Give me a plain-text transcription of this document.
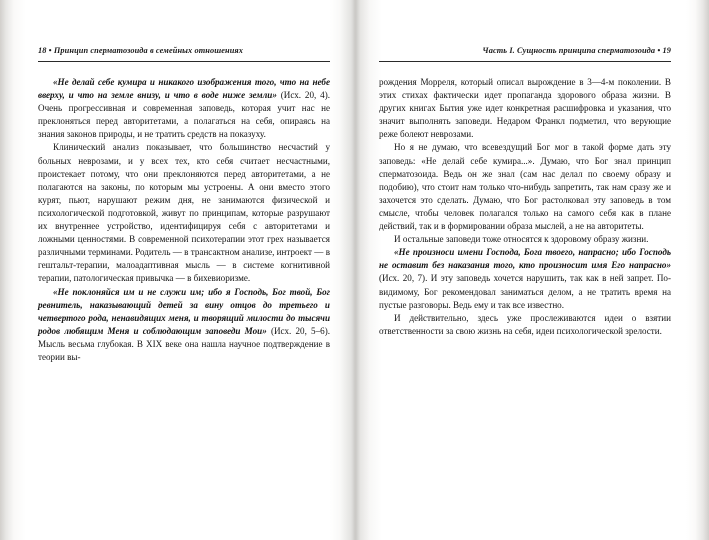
18 • Принцип сперматозоида в семейных отношениях

«Не делай себе кумира и никакого изображения того, что на небе вверху, и что на земле внизу, и что в воде ниже земли» (Исх. 20, 4). Очень прогрессивная и современная заповедь, которая учит нас не преклоняться перед авторитетами, а полагаться на себя, опираясь на знания законов природы, и не тратить средств на показуху.

Клинический анализ показывает, что большинство несчастий у больных неврозами, и у всех тех, кто себя считает несчастными, проистекает потому, что они преклоняются перед авторитетами, а не полагаются на законы, по которым мы устроены. А они вместо этого курят, пьют, нарушают режим дня, не занимаются физической и психологической подготовкой, живут по принципам, которые разрушают их внутреннее устройство, идентифицируя себя с авторитетами и ложными ценностями. В современной психотерапии этот грех называется различными терминами. Родитель — в трансактном анализе, интроект — в гештальт-терапии, малоадаптивная мысль — в системе когнитивной терапии, патологическая привычка — в бихевиоризме.

«Не поклоняйся им и не служи им; ибо я Господь, Бог твой, Бог ревнитель, наказывающий детей за вину отцов до третьего и четвертого рода, ненавидящих меня, и творящий милости до тысячи родов любящим Меня и соблюдающим заповеди Мои» (Исх. 20, 5–6). Мысль весьма глубокая. В XIX веке она нашла научное подтверждение в теории вы-

Часть I. Сущность принципа сперматозоида • 19

рождения Морреля, который описал вырождение в 3—4-м поколении. В этих стихах фактически идет пропаганда здорового образа жизни. В других книгах Бытия уже идет конкретная расшифровка и указания, что значит выполнять заповеди. Недаром Франкл подметил, что верующие реже болеют неврозами.

Но я не думаю, что всевездущий Бог мог в такой форме дать эту заповедь: «Не делай себе кумира...». Думаю, что Бог знал принцип сперматозоида. Ведь он же знал (сам нас делал по своему образу и подобию), что стоит нам только что-нибудь запретить, так нам сразу же и захочется это сделать. Думаю, что Бог растолковал эту заповедь в том смысле, чтобы человек полагался только на самого себя как в плане действий, так и в формировании образа мыслей, а не на авторитеты.

И остальные заповеди тоже относятся к здоровому образу жизни.

«Не произноси имени Господа, Бога твоего, напрасно; ибо Господь не оставит без наказания того, кто произносит имя Его напрасно» (Исх. 20, 7). И эту заповедь хочется нарушить, так как в ней запрет. По-видимому, Бог рекомендовал заниматься делом, а не тратить время на пустые разговоры. Ведь ему и так все известно.

И действительно, здесь уже прослеживаются идеи о взятии ответственности за свою жизнь на себя, идеи психологической зрелости.
